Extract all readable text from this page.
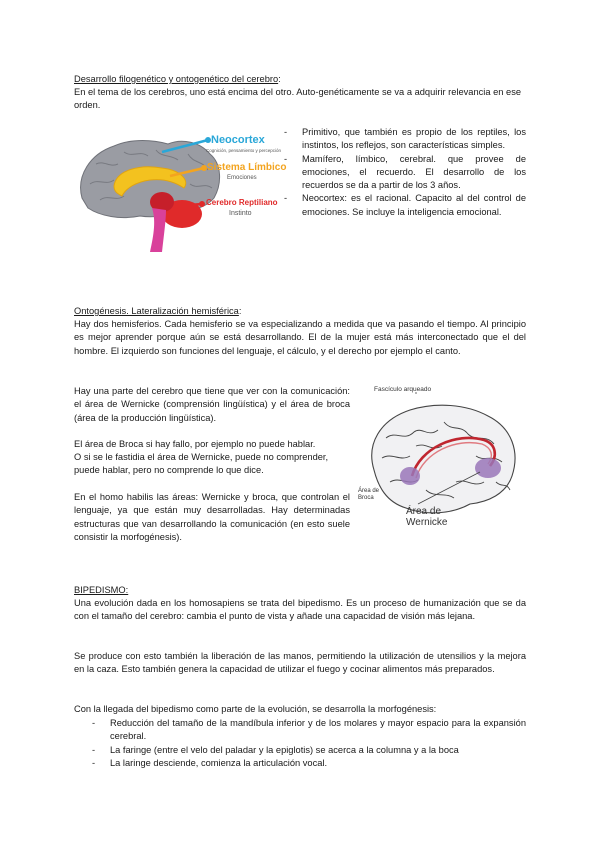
Desarrollo filogenético y ontogenético del cerebro:

En el tema de los cerebros, uno está encima del otro. Auto-genéticamente se va a adquirir relevancia en ese orden.

Neocortex
Cognición, pensamiento y percepción
Sistema Límbico
Emociones
Cerebro Reptiliano
Instinto
- Primitivo, que también es propio de los reptiles, los instintos, los reflejos, son características simples.
- Mamífero, límbico, cerebral. que provee de emociones, el recuerdo. El desarrollo de los recuerdos se da a partir de los 3 años.
- Neocortex: es el racional. Capacito al del control de emociones. Se incluye la inteligencia emocional.

Ontogénesis. Lateralización hemisférica:

Hay dos hemisferios. Cada hemisferio se va especializando a medida que va pasando el tiempo. Al principio es mejor aprender porque aún se está desarrollando. El de la mujer está más interconectado que el del hombre. El izquierdo son funciones del lenguaje, el cálculo, y el derecho por ejemplo el canto.

Hay una parte del cerebro que tiene que ver con la comunicación: el área de Wernicke (comprensión lingüística) y el área de broca (área de la producción lingüística).

El área de Broca si hay fallo, por ejemplo no puede hablar.

O si se le fastidia el área de Wernicke, puede no comprender, puede hablar, pero no comprende lo que dice.

En el homo habilis las áreas: Wernicke y broca, que controlan el lenguaje, ya que están muy desarrolladas. Hay determinadas estructuras que van desarrollando la comunicación (en esto suele consistir la morfogénesis).

Fascículo arqueado
Área de
Broca
Área de
Wernicke

BIPEDISMO:

Una evolución dada en los homosapiens se trata del bipedismo. Es un proceso de humanización que se da con el tamaño del cerebro: cambia el punto de vista y añade una capacidad de visión más lejana.

Se produce con esto también la liberación de las manos, permitiendo la utilización de utensilios y la mejora en la caza. Esto también genera la capacidad de utilizar el fuego y cocinar alimentos más preparados.

Con la llegada del bipedismo como parte de la evolución, se desarrolla la morfogénesis:

- Reducción del tamaño de la mandíbula inferior y de los molares y mayor espacio para la expansión cerebral.
- La faringe (entre el velo del paladar y la epiglotis) se acerca a la columna y a la boca
- La laringe desciende, comienza la articulación vocal.
